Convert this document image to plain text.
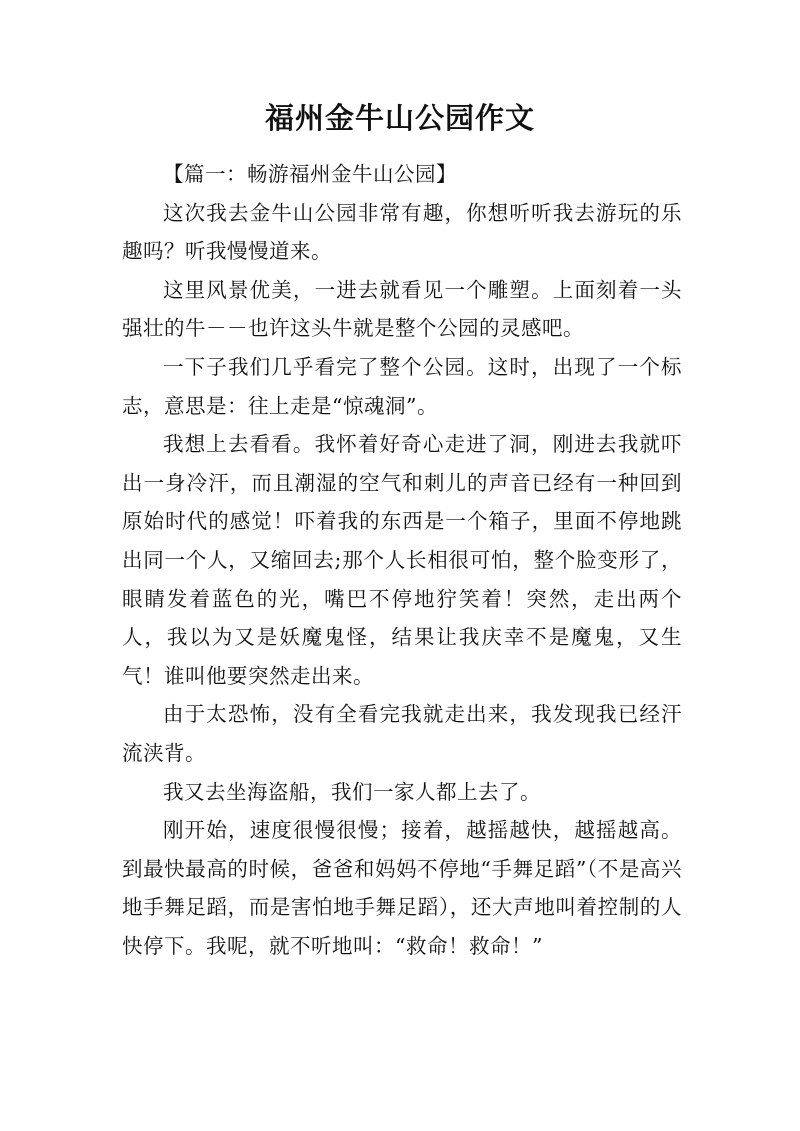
福州金牛山公园作文

【篇一：畅游福州金牛山公园】

这次我去金牛山公园非常有趣，你想听听我去游玩的乐趣吗？听我慢慢道来。

这里风景优美，一进去就看见一个雕塑。上面刻着一头强壮的牛－－也许这头牛就是整个公园的灵感吧。

一下子我们几乎看完了整个公园。这时，出现了一个标志，意思是：往上走是“惊魂洞”。

我想上去看看。我怀着好奇心走进了洞，刚进去我就吓出一身冷汗，而且潮湿的空气和刺儿的声音已经有一种回到原始时代的感觉！吓着我的东西是一个箱子，里面不停地跳出同一个人，又缩回去;那个人长相很可怕，整个脸变形了，眼睛发着蓝色的光，嘴巴不停地狞笑着！突然，走出两个人，我以为又是妖魔鬼怪，结果让我庆幸不是魔鬼，又生气！谁叫他要突然走出来。

由于太恐怖，没有全看完我就走出来，我发现我已经汗流浃背。

我又去坐海盗船，我们一家人都上去了。

刚开始，速度很慢很慢；接着，越摇越快，越摇越高。到最快最高的时候，爸爸和妈妈不停地“手舞足蹈”（不是高兴地手舞足蹈，而是害怕地手舞足蹈），还大声地叫着控制的人快停下。我呢，就不听地叫：“救命！救命！”
